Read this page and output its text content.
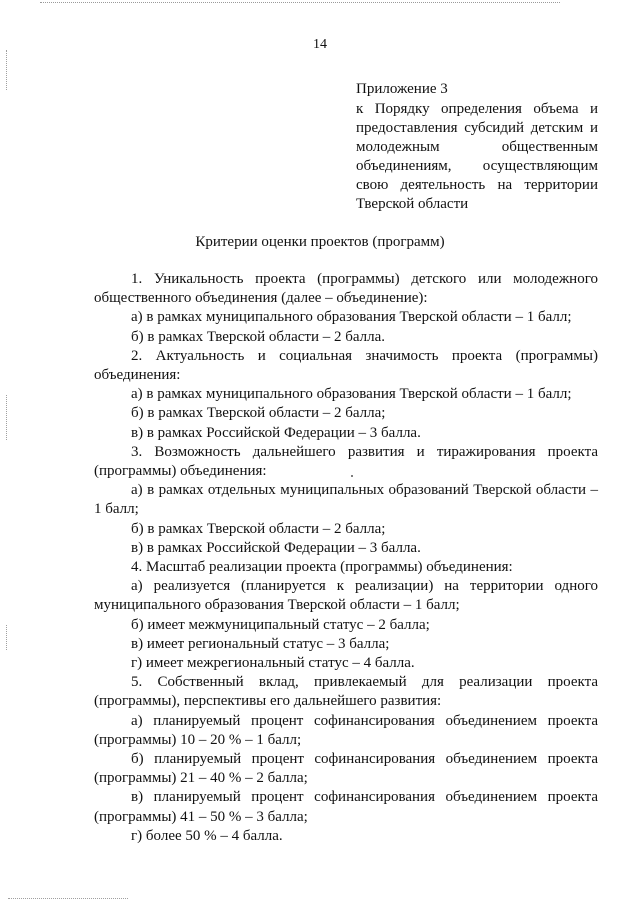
14

Приложение 3

к Порядку определения объема и предоставления субсидий детским и молодежным общественным объединениям, осуществляющим свою деятельность на территории Тверской области

Критерии оценки проектов (программ)

1. Уникальность проекта (программы) детского или молодежного общественного объединения (далее – объединение):

а) в рамках муниципального образования Тверской области – 1 балл;

б) в рамках Тверской области – 2 балла.

2. Актуальность и социальная значимость проекта (программы) объединения:

а) в рамках муниципального образования Тверской области – 1 балл;

б) в рамках Тверской области – 2 балла;

в) в рамках Российской Федерации – 3 балла.

3. Возможность дальнейшего развития и тиражирования проекта (программы) объединения:

а) в рамках отдельных муниципальных образований Тверской области – 1 балл;

б) в рамках Тверской области – 2 балла;

в) в рамках Российской Федерации – 3 балла.

4. Масштаб реализации проекта (программы) объединения:

а) реализуется (планируется к реализации) на территории одного муниципального образования Тверской области – 1 балл;

б) имеет межмуниципальный статус – 2 балла;

в) имеет региональный статус – 3 балла;

г) имеет межрегиональный статус – 4 балла.

5. Собственный вклад, привлекаемый для реализации проекта (программы), перспективы его дальнейшего развития:

а) планируемый процент софинансирования объединением проекта (программы) 10 – 20 % – 1 балл;

б) планируемый процент софинансирования объединением проекта (программы) 21 – 40 % – 2 балла;

в) планируемый процент софинансирования объединением проекта (программы) 41 – 50 % – 3 балла;

г) более 50 % – 4 балла.
